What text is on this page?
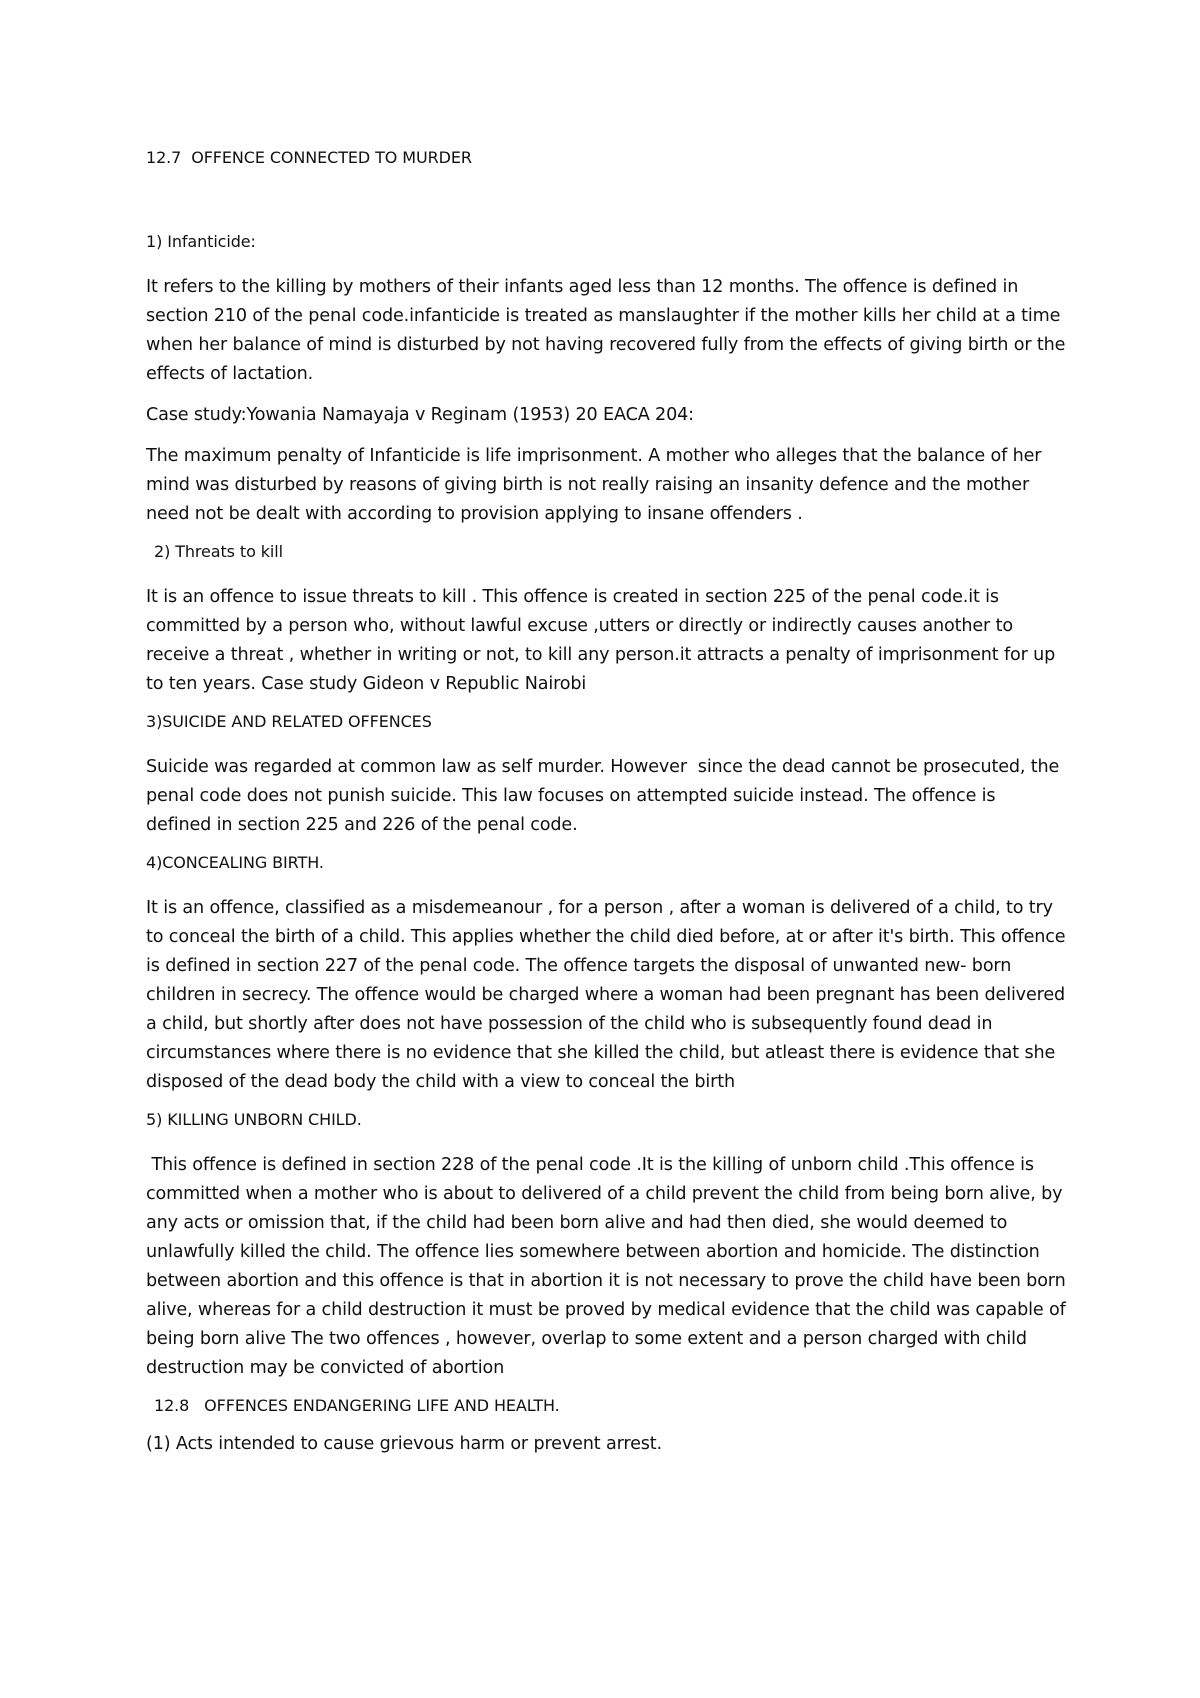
12.7  OFFENCE CONNECTED TO MURDER

1) Infanticide:

It refers to the killing by mothers of their infants aged less than 12 months. The offence is defined in section 210 of the penal code.infanticide is treated as manslaughter if the mother kills her child at a time when her balance of mind is disturbed by not having recovered fully from the effects of giving birth or the effects of lactation.

Case study:Yowania Namayaja v Reginam (1953) 20 EACA 204:

The maximum penalty of Infanticide is life imprisonment. A mother who alleges that the balance of her mind was disturbed by reasons of giving birth is not really raising an insanity defence and the mother need not be dealt with according to provision applying to insane offenders .

2) Threats to kill

It is an offence to issue threats to kill . This offence is created in section 225 of the penal code.it is committed by a person who, without lawful excuse ,utters or directly or indirectly causes another to receive a threat , whether in writing or not, to kill any person.it attracts a penalty of imprisonment for up to ten years. Case study Gideon v Republic Nairobi

3)SUICIDE AND RELATED OFFENCES

Suicide was regarded at common law as self murder. However  since the dead cannot be prosecuted, the penal code does not punish suicide. This law focuses on attempted suicide instead. The offence is defined in section 225 and 226 of the penal code.

4)CONCEALING BIRTH.

It is an offence, classified as a misdemeanour , for a person , after a woman is delivered of a child, to try to conceal the birth of a child. This applies whether the child died before, at or after it's birth. This offence is defined in section 227 of the penal code. The offence targets the disposal of unwanted new- born children in secrecy. The offence would be charged where a woman had been pregnant has been delivered a child, but shortly after does not have possession of the child who is subsequently found dead in circumstances where there is no evidence that she killed the child, but atleast there is evidence that she disposed of the dead body the child with a view to conceal the birth

5) KILLING UNBORN CHILD.

This offence is defined in section 228 of the penal code .It is the killing of unborn child .This offence is committed when a mother who is about to delivered of a child prevent the child from being born alive, by any acts or omission that, if the child had been born alive and had then died, she would deemed to unlawfully killed the child. The offence lies somewhere between abortion and homicide. The distinction between abortion and this offence is that in abortion it is not necessary to prove the child have been born alive, whereas for a child destruction it must be proved by medical evidence that the child was capable of being born alive The two offences , however, overlap to some extent and a person charged with child destruction may be convicted of abortion

12.8   OFFENCES ENDANGERING LIFE AND HEALTH.

(1) Acts intended to cause grievous harm or prevent arrest.
